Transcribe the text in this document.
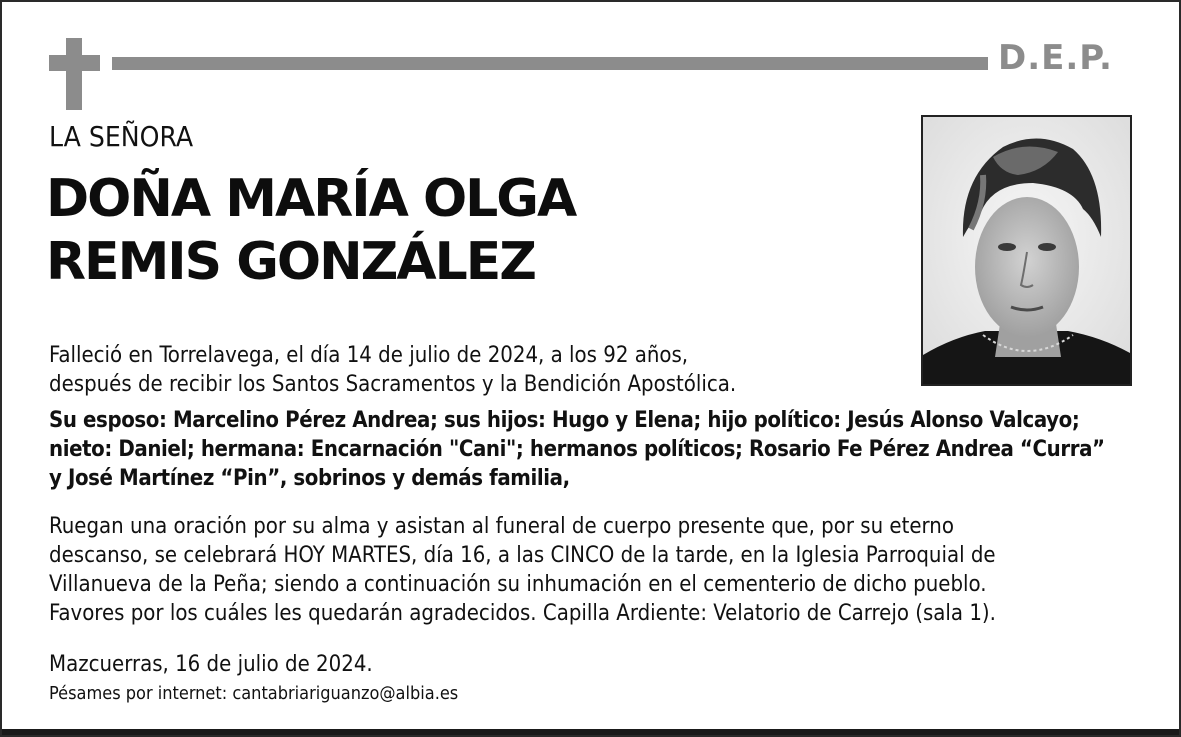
D.E.P.
LA SEÑORA
DOÑA MARÍA OLGA
REMIS GONZÁLEZ
Falleció en Torrelavega, el día 14 de julio de 2024, a los 92 años,
después de recibir los Santos Sacramentos y la Bendición Apostólica.
Su esposo: Marcelino Pérez Andrea; sus hijos: Hugo y Elena; hijo político: Jesús Alonso Valcayo;
nieto: Daniel; hermana: Encarnación "Cani"; hermanos políticos; Rosario Fe Pérez Andrea “Curra”
y José Martínez “Pin”, sobrinos y demás familia,
Ruegan una oración por su alma y asistan al funeral de cuerpo presente que, por su eterno
descanso, se celebrará HOY MARTES, día 16, a las CINCO de la tarde, en la Iglesia Parroquial de
Villanueva de la Peña; siendo a continuación su inhumación en el cementerio de dicho pueblo.
Favores por los cuáles les quedarán agradecidos. Capilla Ardiente: Velatorio de Carrejo (sala 1).
Mazcuerras, 16 de julio de 2024.
Pésames por internet: cantabriariguanzo@albia.es
